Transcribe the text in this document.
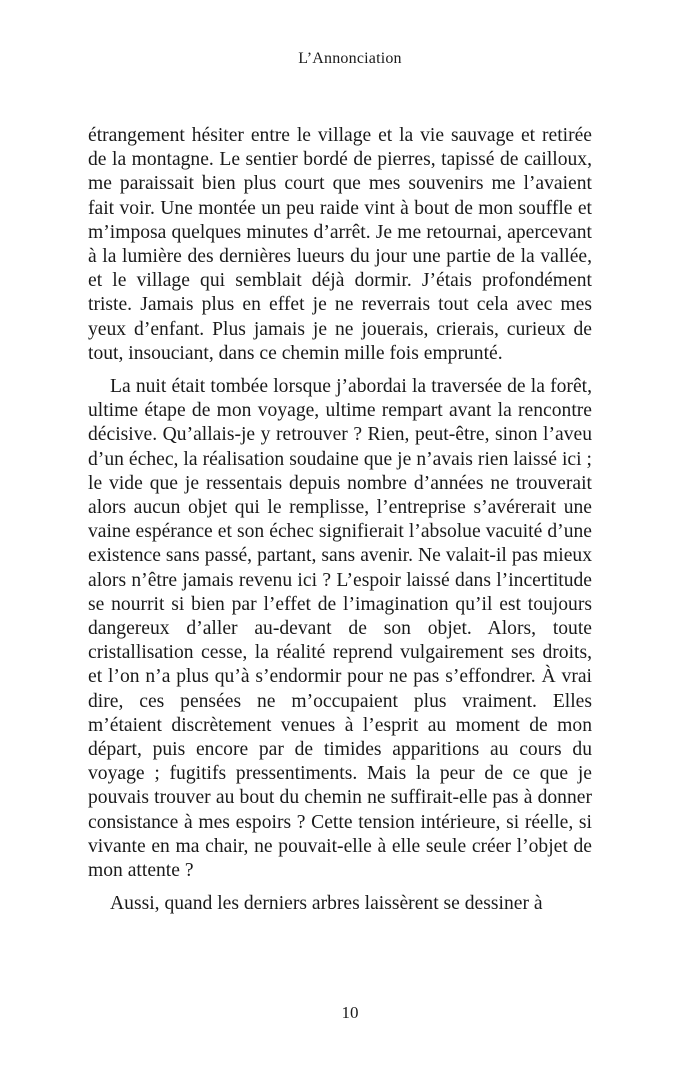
L’Annonciation

étrangement hésiter entre le village et la vie sauvage et retirée de la montagne. Le sentier bordé de pierres, tapissé de cailloux, me paraissait bien plus court que mes souvenirs me l’avaient fait voir. Une montée un peu raide vint à bout de mon souffle et m’imposa quelques minutes d’arrêt. Je me retournai, apercevant à la lumière des dernières lueurs du jour une partie de la vallée, et le village qui semblait déjà dormir. J’étais profondément triste. Jamais plus en effet je ne reverrais tout cela avec mes yeux d’enfant. Plus jamais je ne jouerais, crierais, curieux de tout, insouciant, dans ce chemin mille fois emprunté.

La nuit était tombée lorsque j’abordai la traversée de la forêt, ultime étape de mon voyage, ultime rempart avant la rencontre décisive. Qu’allais-je y retrouver ? Rien, peut-être, sinon l’aveu d’un échec, la réalisation soudaine que je n’avais rien laissé ici ; le vide que je ressentais depuis nombre d’années ne trouverait alors aucun objet qui le remplisse, l’entreprise s’avérerait une vaine espérance et son échec signifierait l’absolue vacuité d’une existence sans passé, partant, sans avenir. Ne valait-il pas mieux alors n’être jamais revenu ici ? L’espoir laissé dans l’incertitude se nourrit si bien par l’effet de l’imagination qu’il est toujours dangereux d’aller au-devant de son objet. Alors, toute cristallisation cesse, la réalité reprend vulgairement ses droits, et l’on n’a plus qu’à s’endormir pour ne pas s’effondrer. À vrai dire, ces pensées ne m’occupaient plus vraiment. Elles m’étaient discrètement venues à l’esprit au moment de mon départ, puis encore par de timides apparitions au cours du voyage ; fugitifs pressentiments. Mais la peur de ce que je pouvais trouver au bout du chemin ne suffirait-elle pas à donner consistance à mes espoirs ? Cette tension intérieure, si réelle, si vivante en ma chair, ne pouvait-elle à elle seule créer l’objet de mon attente ?

Aussi, quand les derniers arbres laissèrent se dessiner à

10
